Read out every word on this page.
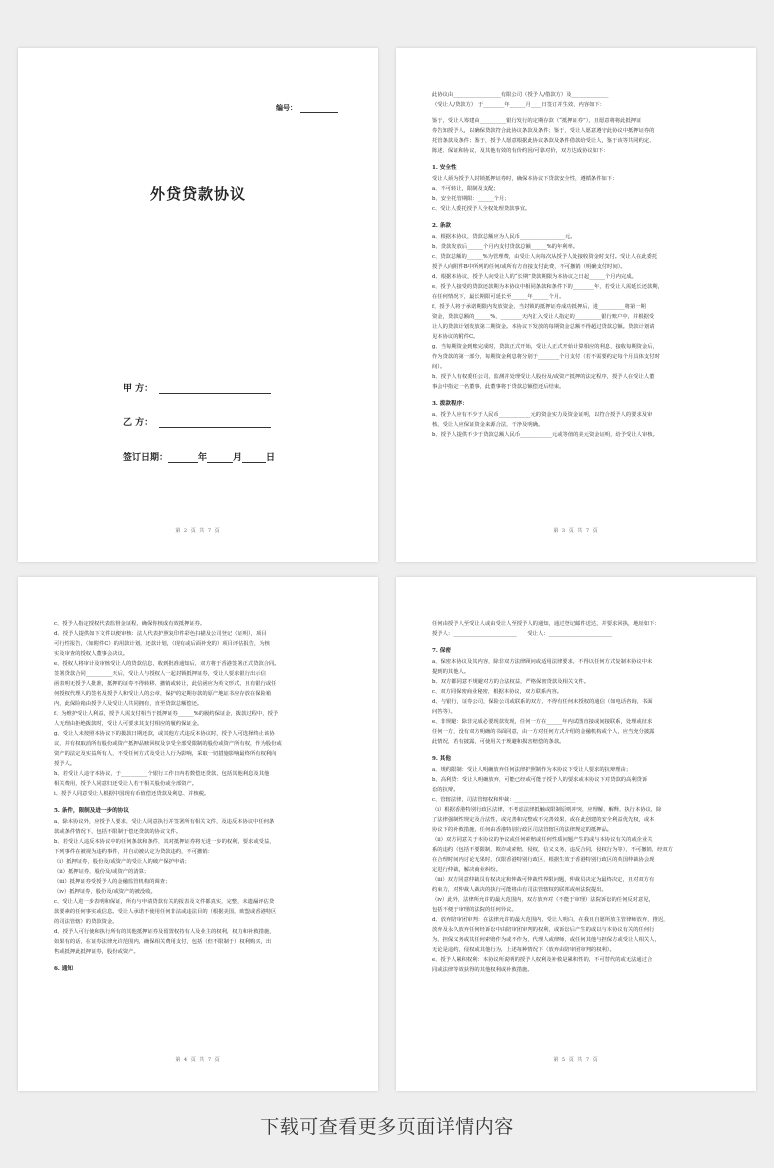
编号：
外贷贷款协议
甲 方：
乙 方：
签订日期：	年	月	日
第 2 页 共 7 页

此协议由__________________有限公司（授予人/借款方）及______________

（受让人/贷款方） 于________年______月____日签订并生效，内容如下：

鉴于，受让人筹建由__________银行发行的定期存款（“抵押证券”），且愿意将将此抵押证

券告知授予人，以确保贷款符合此协议条款及条件；鉴于，受让人愿意遵守此协议中抵押证券的

托管条款及条件；鉴于，授予人愿意根据此协议条款及条件借款给受让人，鉴于该等共同约定、

陈述、保证和协议，及其他有效的有价约因/可靠对价，双方达成协议如下：

1. 安全性

受让人须为授予人封锁抵押证券时，确保本协议下贷款安全性，遵循条件如下：

a、不可转让，限制及支配；

b、安全托管期限：______个月；

c、受让人委托授予人全权处理贷款事宜。

2. 条款

a、根据本协议，贷款总额应为人民币_________________元。

b、贷款发放后______个月内支付贷款总额______%的年利率。

c、贷款总额的______%为管理费，由受让人向每次从授予人处接收资金时支付。受让人在此委托

授予人向附件B中所列的任何/或所有方直接支付此费，不可撤销（明确支付时间）。

d、根据本协议，授予人向受让人的“长期”贷款期限为本协议之日起______个月内完成。

e、授予人接受的贷款还款期为本协议中相同条款和条件下的________年，若受让人需延长还款期，

在任何情况下，最长期限可延长至______年______个月。

f、授予人将于承诺期限内发放资金，当封锁的抵押证券成功抵押后，进__________将第一期

资金，贷款总额的______%，________天内汇入受让人指定的__________银行账户中，并根据受

让人的贷款计划发放第二期资金。本协议下发放的每期资金总额不得超过贷款总额。贷款计划请

见本协议的附件C。

g、当每期资金到账完成时，贷款正式开始，受让人正式开始计算相应的利息，接收每期资金后，

作为贷款的第一部分，每期资金利息将分别于________个月支付（若不需要约定每个月具体支付时

间）。

h、授予人有权委任公司，监测并处理受让人股份及/或资产抵押的法定程序，授予人在受让人董

事会中指定一名董事，此董事将于贷款总额偿还后结束。

3. 拨款程序：

a、授予人应有不少于人民币____________元的资金实力及资金证明，以符合授予人的要求及审

核，受让人应保证资金来源合法，干净及明确。

b、授予人提供不少于贷款总额人民币____________元或等值的美元资金证明，给予受让人审核。

第 3 页 共 7 页

c、授予人指定授权代表监督金证程，确保你核成有效抵押证券。

d、授予人提供如下文件以便审核：法人代表护照复印件彩色扫描及公司登记（证明），项目

可行性报告，（如附件C）的用款计划，还款计划，（现有或后面补充的）项目评估报告，为核

实及审查的授权人董事会决议。

e、授权人将审计及审核受让人的贷款信息，收到批准通知后，双方将于香港签署正式贷款合同。

签署贷款合同__________天后，受让人与授权人一起封锁抵押证券，受让人要求银行出示信

函表明无授予人批准，抵押的证券不得转移、撤销或转让，此信函应为英文形式，且有银行或任

何授权代理人的签名及授予人和受让人的公章，保护的定期存款的原产地证书应存放在保险箱

内，此保险箱由授予人及受让人共同拥有，直至贷款总额偿还。

f、为维护受让人利益，授予人需支付相当于抵押证券______%的履约保证金，拨款过程中，授予

人无理由拒绝拨款时，受让人可要求其支付相应的履约保证金。

g、受让人未按照本协议下的拨款日期还款，或其他方式违反本协议时，授予人可选择终止该协

议，并有权取消所有股份或资产抵押品赎回权及享受全部受限制的股份或资产所有权，作为股份或

资产的法定及实益所有人，不受任何方式及受让人行为影响，采取一切措施影响最终所有权利向

授予人。

h、若受让人违守本协议，于__________个银行工作日内若数偿还贷款，包括其他利息及其他

相关费用，授予人同意归还受让人若干相关股份或全部资产。

i、授予人同意受让人根据中国现有币值偿还贷款及利息、并核税。

5. 条件，限制及进一步的协议

a、除本协议外，应授予人要求，受让人同意执行并签署所有相关文件，及违反本协议中任何条

款或条件情况下，包括不限制于偿还贷款的协议文件。

b、若受让人违反本协议中的任何条款和条件，其对抵押证券将无进一步的权利，要求或受益，

下列事件在被视为违约事件，并自动被认定为贷款违约，不可撤销：

（i）抵押证券，股份及/或资产的受让人的破产保护申请；

（ii）抵押证券，股份及/或资产的清算；

（iii）抵押证券受授予人的金融监管机构的调查；

（iv）抵押证券，股份及/或资产的被没收。

c、受让人进一步表明和保证，所有与申请贷款有关的报表及文件都真实，完整，未遗漏评估贷

款要素的任何事实或信息。受让人承诺不使用任何非法或违法目的（根据美国，欧盟或香港特区

的司法管辖）的贷款资金。

d、授予人可行使和执行所有的其他抵押证券及留置权持有人及业主的权利，权力和补救措施，

如果有的话，在证券法律允许范围内，确保相关费用支付，包括（但不限制于）权利购买，出

售或抵押此抵押证券，股份或资产。

6. 通知
第 4 页 共 7 页

任何由授予人至受让人或由受让人至授予人的通知，通过登记邮件送达，并要求回执，地址如下：

授予人：________________________　　受让人：________________________

7. 保密

a、保密本协议及其内容，除非双方法律顾问或适用法律要求，不得以任何方式复制本协议中未

提到的其他人。

b、双方都同意不规避对方的合法权益，严格保密贷款及相关文件。

c、双方同保密商业秘密，根据本协议，双方联系内容。

d、与银行，证券公司，保险公司或联系的双方，不得有任何未授权的通信（如电话咨询，书面

问答等）。

e、非规避：除非完成必要现款发现，任何一方在______年内试图直接或间接联系，处理或征求

任何一方，没有双方明确的书面同意，由一方对任何方式介绍的金融机构或个人，应当充分披露

此情况，若有披露，可使用关于规避和损害赔偿的条款。

9. 其他

a、规约限制：受让人明确放弃任何法律护照制作为本协议下受让人要求的抗辩理由；

b、高利贷：受让人明确放弃，可能已经或可能于授予人的要求或本协议下对贷款的高利贷诉

讼的抗辩。

c、管辖法律，司法管辖权和仲裁：_______________________

（i）根据香港特别行政区法律，不考虑法律抵触或限制原则冲突，应理解，解释，执行本协议，除

了法律强制性规定及合法性，或完善和完整或不完善效果，或在此创建的安全利益优先权，或本

协议下的补救措施，任何由香港特别行政区司法管辖区的法律规定的抵押品。

（ii）双方同意关于本协议的争议或任何索赔或任何性质问题产生的或与本协议有关的或企业关

系的违约（包括不要限制，欺诈或索赔，侵权，信义义务，违反合同，侵权行为等），不可撤销，经双方

在合理时间内讨论无果时，仅限香港特别行政区，根据生效于香港特别行政区的英国仲裁协会现

定进行仲裁，解决商业纠纷。

（iii）双方同意仲裁员有权决定和仲裁可仲裁性界限问题，仲裁员决定为最终决定，且对双方有

约束力，对仲裁人裁决的执行可能将由有司法管辖权的联邦或州法院提出。

（iv）此外，法律所允许的最大范围内，双方放弃对（不能于审理）法院诉讼的任何反对意见，

包括不便于审理的法院的任何异议。

d、放弃陪审团审判：在法律允许的最大范围内，受让人明白，在我且自愿所放主管律师放弃，推迟，

放弃及永久放弃任何经诉讼中由陪审团审判的权利，或诉讼后产生的或以与本协议有关的任何行

为，担保义务或其任何索赔作为或不作为，代理人或律师，或任何其他与担保方或受让人相关人，

无论是违约，侵权或其他行为，上述每种情况下（放弃由陪审团审判的权利）。

e、授予人累积权利：本协议所说明的授予人权利及补救是累积性的，不可替代的或无法通过合

同或法律等效获得的其他权利或补救措施。

第 5 页 共 7 页
下载可查看更多页面详情内容
